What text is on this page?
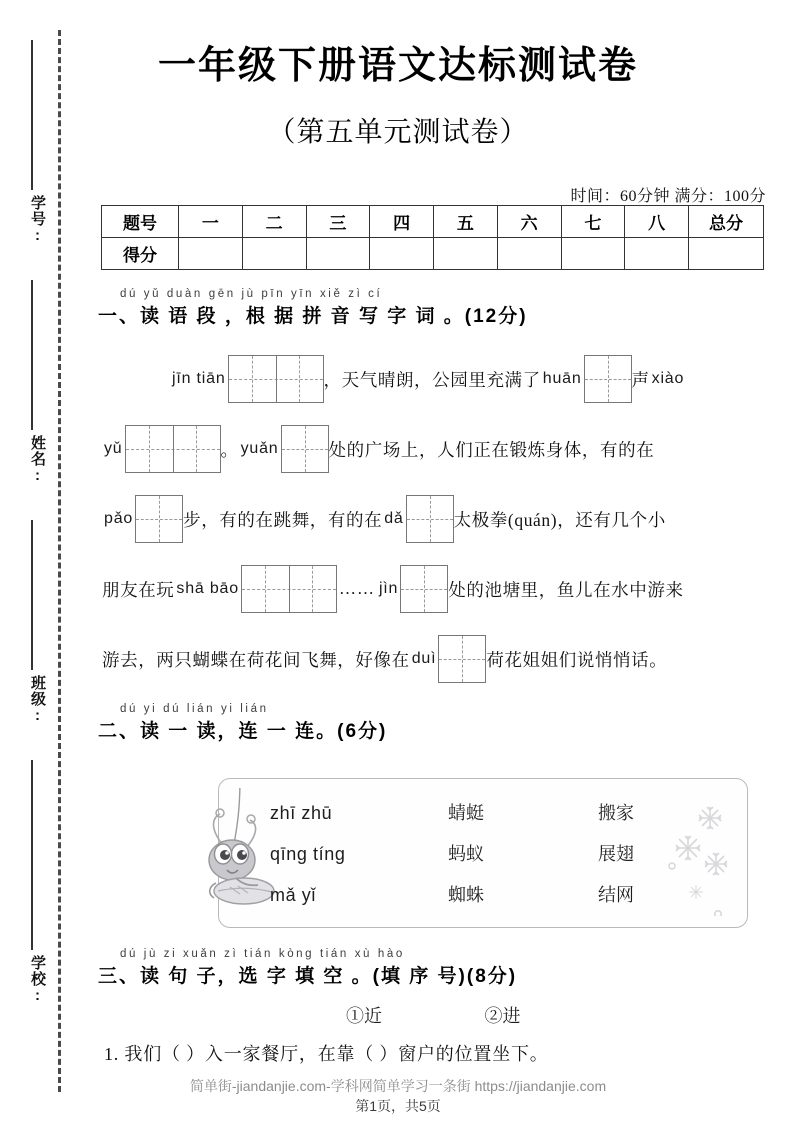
学号:
姓名:
班级:
学校:
一年级下册语文达标测试卷
（第五单元测试卷）
时间：60分钟 满分：100分
题号	一	二	三	四	五	六	七	八	总分
得分									
dú yǔ duàn gēn jù pīn yīn xiě zì cí
一、读 语 段 ，根 据 拼 音 写 字 词 。(12分)
jīn tiān	，天气晴朗，公园里充满了 huān	声 xiào
yǔ	。 yuǎn	处的广场上，人们正在锻炼身体，有的在
pǎo	步，有的在跳舞，有的在 dǎ	太极拳(quán)，还有几个小
朋友在玩 shā bāo	…… jìn	处的池塘里，鱼儿在水中游来
游去，两只蝴蝶在荷花间飞舞，好像在 duì	荷花姐姐们说悄悄话。
dú yi dú lián yi lián
二、读 一 读，连 一 连。(6分)
zhī zhū	蜻蜓	搬家
qīng tíng	蚂蚁	展翅
mǎ yǐ	蜘蛛	结网
dú jù zi xuǎn zì tián kòng tián xù hào
三、读 句 子，选 字 填 空 。(填 序 号)(8分)
①近	②进
1. 我们（ ）入一家餐厅，在靠（ ）窗户的位置坐下。
简单街-jiandanjie.com-学科网简单学习一条街 https://jiandanjie.com
第1页，共5页
